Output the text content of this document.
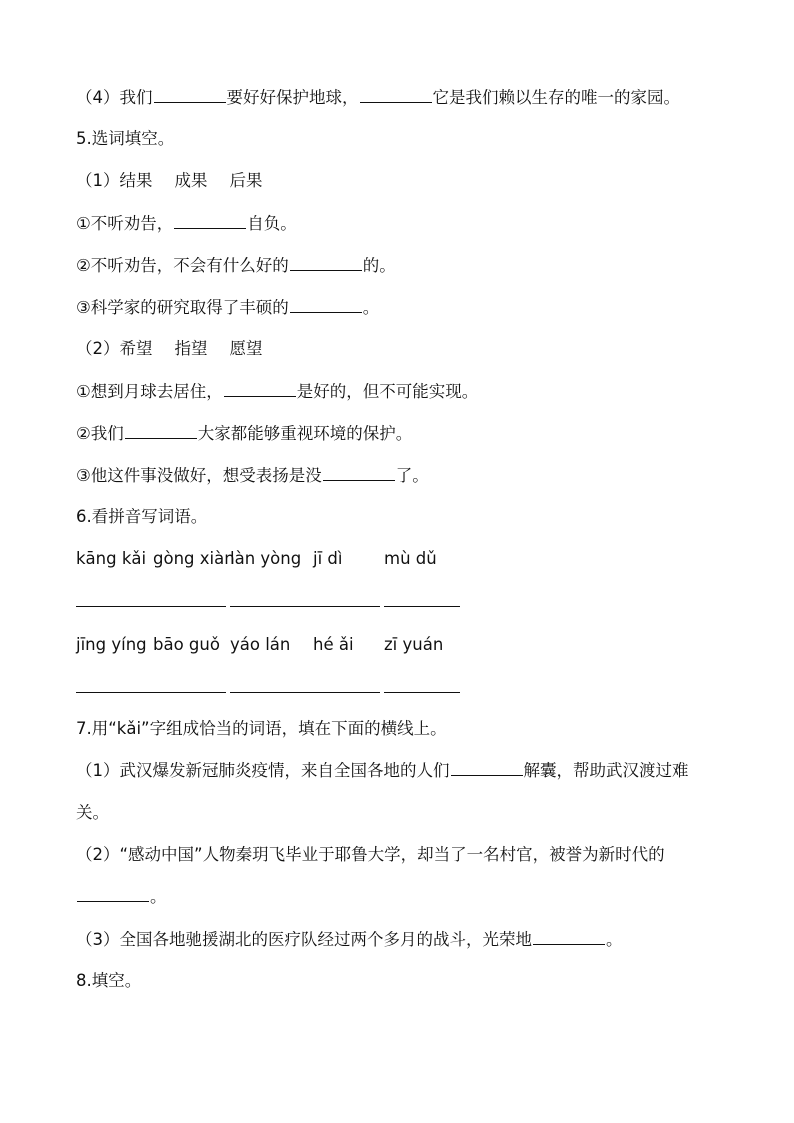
（4）我们	要好好保护地球，	它是我们赖以生存的唯一的家园。

5.选词填空。

（1）结果 成果 后果

①不听劝告，	自负。

②不听劝告，不会有什么好的	的。

③科学家的研究取得了丰硕的	。

（2）希望 指望 愿望

①想到月球去居住，	是好的，但不可能实现。

②我们	大家都能够重视环境的保护。

③他这件事没做好，想受表扬是没	了。

6.看拼音写词语。

kāng kǎi gòng xiànlàn yòng jī dì	mù dǔ

jīng yíng bāo guǒ yáo lán hé ǎi zī yuán

7.用“kǎi”字组成恰当的词语，填在下面的横线上。

（1）武汉爆发新冠肺炎疫情，来自全国各地的人们	解囊，帮助武汉渡过难关。

（2）“感动中国”人物秦玥飞毕业于耶鲁大学，却当了一名村官，被誉为新时代的。

（3）全国各地驰援湖北的医疗队经过两个多月的战斗，光荣地	。

8.填空。
